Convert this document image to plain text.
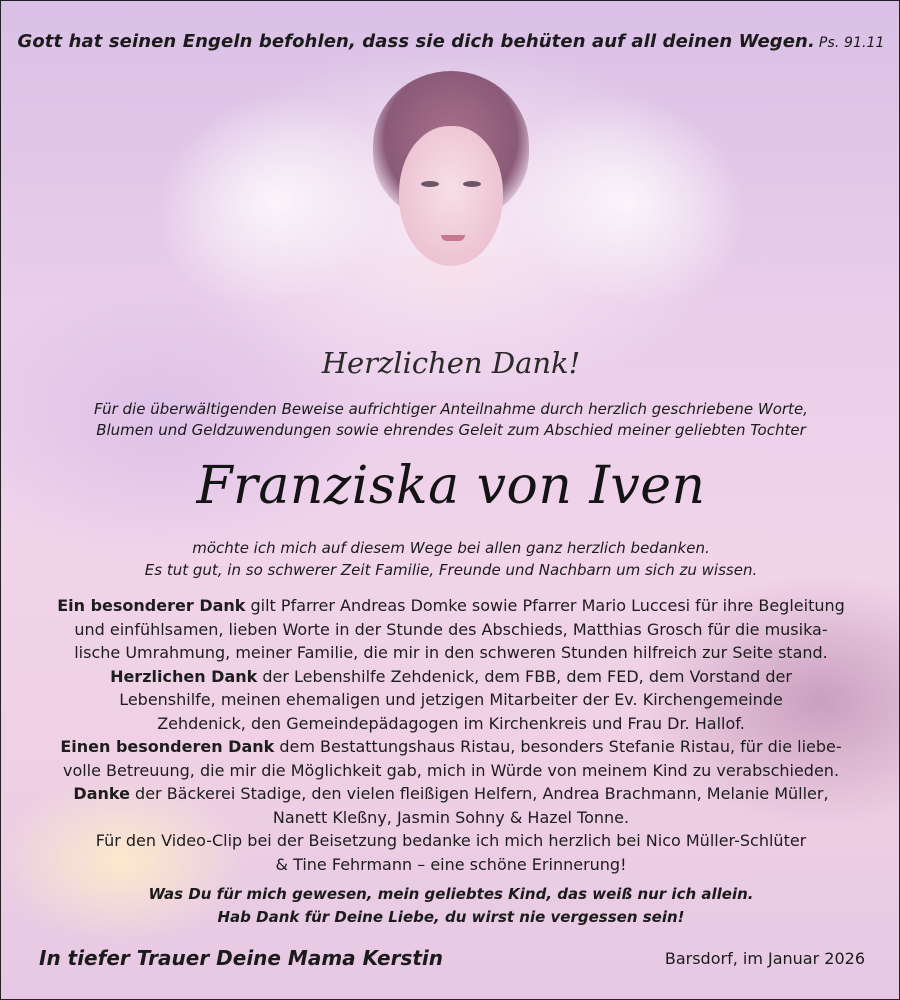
Gott hat seinen Engeln befohlen, dass sie dich behüten auf all deinen Wegen. Ps. 91.11

Herzlichen Dank!

Für die überwältigenden Beweise aufrichtiger Anteilnahme durch herzlich geschriebene Worte,
Blumen und Geldzuwendungen sowie ehrendes Geleit zum Abschied meiner geliebten Tochter

Franziska von Iven

möchte ich mich auf diesem Wege bei allen ganz herzlich bedanken.
Es tut gut, in so schwerer Zeit Familie, Freunde und Nachbarn um sich zu wissen.

Ein besonderer Dank gilt Pfarrer Andreas Domke sowie Pfarrer Mario Luccesi für ihre Begleitung
und einfühlsamen, lieben Worte in der Stunde des Abschieds, Matthias Grosch für die musika-
lische Umrahmung, meiner Familie, die mir in den schweren Stunden hilfreich zur Seite stand.
Herzlichen Dank der Lebenshilfe Zehdenick, dem FBB, dem FED, dem Vorstand der
Lebenshilfe, meinen ehemaligen und jetzigen Mitarbeiter der Ev. Kirchengemeinde
Zehdenick, den Gemeindepädagogen im Kirchenkreis und Frau Dr. Hallof.
Einen besonderen Dank dem Bestattungshaus Ristau, besonders Stefanie Ristau, für die liebe-
volle Betreuung, die mir die Möglichkeit gab, mich in Würde von meinem Kind zu verabschieden.
Danke der Bäckerei Stadige, den vielen fleißigen Helfern, Andrea Brachmann, Melanie Müller,
Nanett Kleßny, Jasmin Sohny & Hazel Tonne.
Für den Video-Clip bei der Beisetzung bedanke ich mich herzlich bei Nico Müller-Schlüter
& Tine Fehrmann – eine schöne Erinnerung!

Was Du für mich gewesen, mein geliebtes Kind, das weiß nur ich allein.
Hab Dank für Deine Liebe, du wirst nie vergessen sein!

In tiefer Trauer Deine Mama Kerstin	Barsdorf, im Januar 2026
